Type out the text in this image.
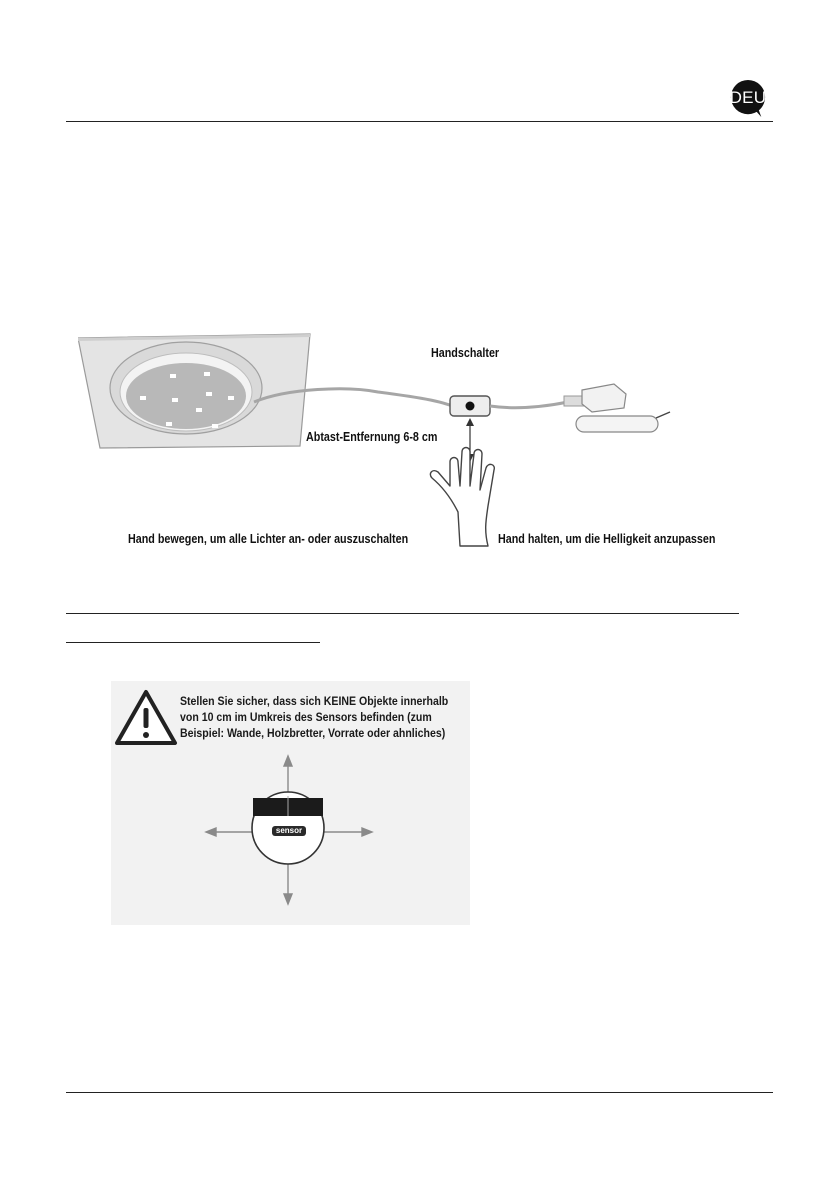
DEU
Handschalter
Abtast-Entfernung 6-8 cm
Hand bewegen, um alle Lichter an- oder auszuschalten	Hand halten, um die Helligkeit anzupassen
Stellen Sie sicher, dass sich KEINE Objekte innerhalb
von 10 cm im Umkreis des Sensors befinden (zum
Beispiel: Wande, Holzbretter, Vorrate oder ahnliches)
sensor
